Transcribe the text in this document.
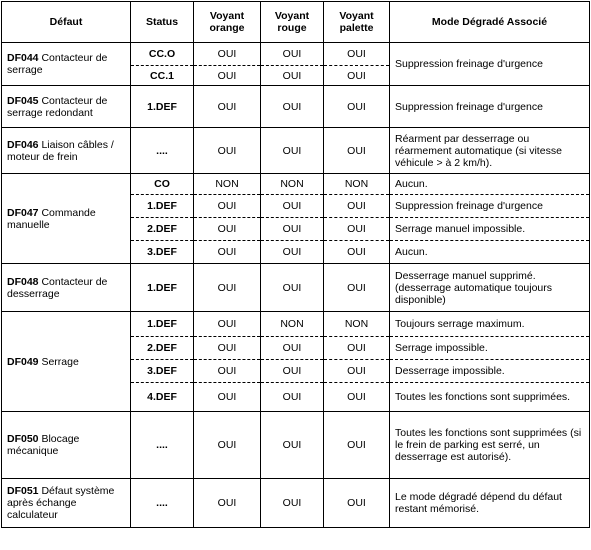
Défaut	Status	Voyant orange	Voyant rouge	Voyant palette	Mode Dégradé Associé
DF044 Contacteur de serrage	CC.O	OUI	OUI	OUI	Suppression freinage d'urgence
	CC.1	OUI	OUI	OUI	
DF045 Contacteur de serrage redondant	1.DEF	OUI	OUI	OUI	Suppression freinage d'urgence
DF046 Liaison câbles / moteur de frein	....	OUI	OUI	OUI	Réarment par desserrage ou réarmement automatique (si vitesse véhicule > à 2 km/h).
DF047 Commande manuelle	CO	NON	NON	NON	Aucun.
	1.DEF	OUI	OUI	OUI	Suppression freinage d'urgence
	2.DEF	OUI	OUI	OUI	Serrage manuel impossible.
	3.DEF	OUI	OUI	OUI	Aucun.
DF048 Contacteur de desserrage	1.DEF	OUI	OUI	OUI	Desserrage manuel supprimé. (desserrage automatique toujours disponible)
DF049 Serrage	1.DEF	OUI	NON	NON	Toujours serrage maximum.
	2.DEF	OUI	OUI	OUI	Serrage impossible.
	3.DEF	OUI	OUI	OUI	Desserrage impossible.
	4.DEF	OUI	OUI	OUI	Toutes les fonctions sont supprimées.
DF050 Blocage mécanique	....	OUI	OUI	OUI	Toutes les fonctions sont supprimées (si le frein de parking est serré, un desserrage est autorisé).
DF051 Défaut système après échange calculateur	....	OUI	OUI	OUI	Le mode dégradé dépend du défaut restant mémorisé.
